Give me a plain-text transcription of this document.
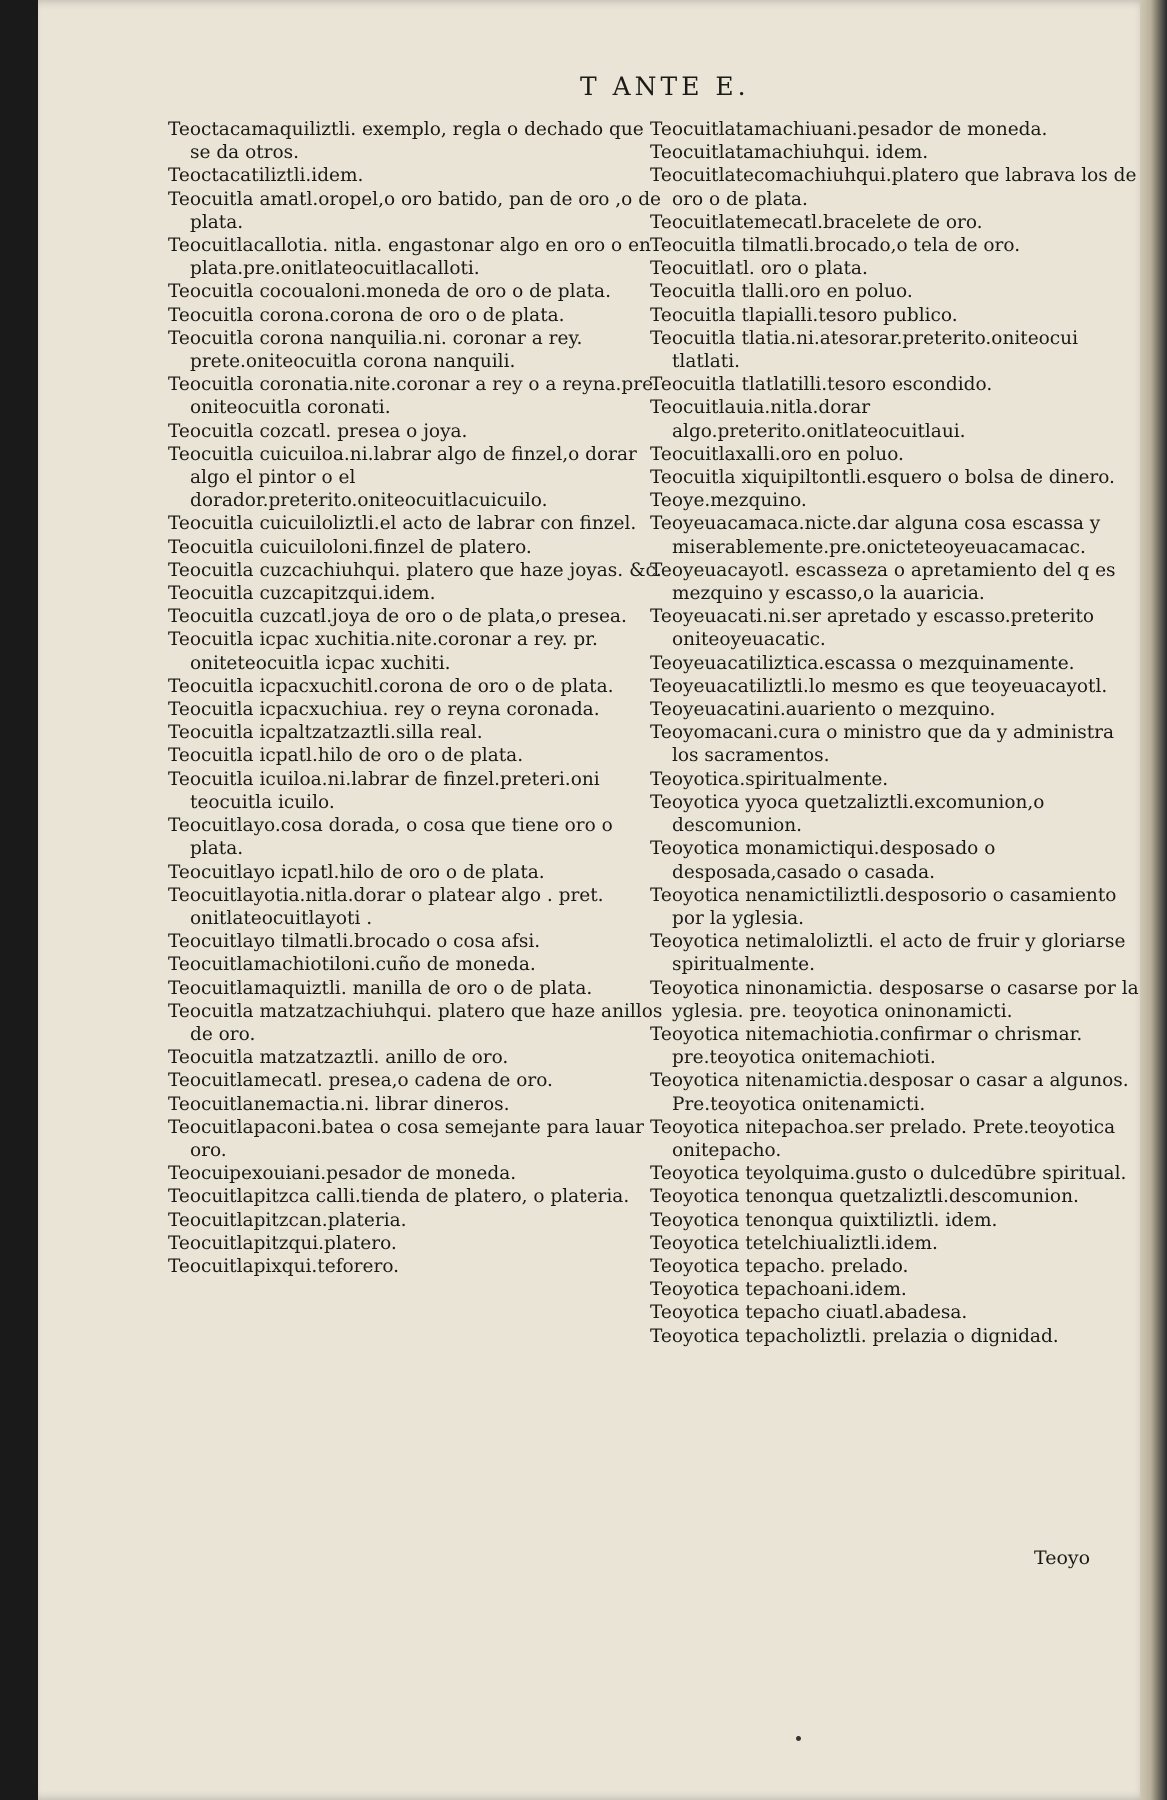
T ANTE E.

Teoctacamaquiliztli. exemplo, regla o dechado que se da otros.

Teoctacatiliztli.idem.

Teocuitla amatl.oropel,o oro batido, pan de oro ,o de plata.

Teocuitlacallotia. nitla. engastonar algo en oro o en plata.pre.onitlateocuitlacalloti.

Teocuitla cocoualoni.moneda de oro o de plata.

Teocuitla corona.corona de oro o de plata.

Teocuitla corona nanquilia.ni. coronar a rey. prete.oniteocuitla corona nanquili.

Teocuitla coronatia.nite.coronar a rey o a reyna.pre. oniteocuitla coronati.

Teocuitla cozcatl. presea o joya.

Teocuitla cuicuiloa.ni.labrar algo de finzel,o dorar algo el pintor o el dorador.preterito.oniteocuitlacuicuilo.

Teocuitla cuicuiloliztli.el acto de labrar con finzel.

Teocuitla cuicuiloloni.finzel de platero.

Teocuitla cuzcachiuhqui. platero que haze joyas. &c.

Teocuitla cuzcapitzqui.idem.

Teocuitla cuzcatl.joya de oro o de plata,o presea.

Teocuitla icpac xuchitia.nite.coronar a rey. pr. oniteteocuitla icpac xuchiti.

Teocuitla icpacxuchitl.corona de oro o de plata.

Teocuitla icpacxuchiua. rey o reyna coronada.

Teocuitla icpaltzatzaztli.silla real.

Teocuitla icpatl.hilo de oro o de plata.

Teocuitla icuiloa.ni.labrar de finzel.preteri.oni teocuitla icuilo.

Teocuitlayo.cosa dorada, o cosa que tiene oro o plata.

Teocuitlayo icpatl.hilo de oro o de plata.

Teocuitlayotia.nitla.dorar o platear algo . pret. onitlateocuitlayoti .

Teocuitlayo tilmatli.brocado o cosa afsi.

Teocuitlamachiotiloni.cuño de moneda.

Teocuitlamaquiztli. manilla de oro o de plata.

Teocuitla matzatzachiuhqui. platero que haze anillos de oro.

Teocuitla matzatzaztli. anillo de oro.

Teocuitlamecatl. presea,o cadena de oro.

Teocuitlanemactia.ni. librar dineros.

Teocuitlapaconi.batea o cosa semejante para lauar oro.

Teocuipexouiani.pesador de moneda.

Teocuitlapitzca calli.tienda de platero, o plateria.

Teocuitlapitzcan.plateria.

Teocuitlapitzqui.platero.

Teocuitlapixqui.teforero.

Teocuitlatamachiuani.pesador de moneda.

Teocuitlatamachiuhqui. idem.

Teocuitlatecomachiuhqui.platero que labrava los de oro o de plata.

Teocuitlatemecatl.bracelete de oro.

Teocuitla tilmatli.brocado,o tela de oro.

Teocuitlatl. oro o plata.

Teocuitla tlalli.oro en poluo.

Teocuitla tlapialli.tesoro publico.

Teocuitla tlatia.ni.atesorar.preterito.oniteocui tlatlati.

Teocuitla tlatlatilli.tesoro escondido.

Teocuitlauia.nitla.dorar algo.preterito.onitlateocuitlaui.

Teocuitlaxalli.oro en poluo.

Teocuitla xiquipiltontli.esquero o bolsa de dinero.

Teoye.mezquino.

Teoyeuacamaca.nicte.dar alguna cosa escassa y miserablemente.pre.onicteteoyeuacamacac.

Teoyeuacayotl. escasseza o apretamiento del q es mezquino y escasso,o la auaricia.

Teoyeuacati.ni.ser apretado y escasso.preterito oniteoyeuacatic.

Teoyeuacatiliztica.escassa o mezquinamente.

Teoyeuacatiliztli.lo mesmo es que teoyeuacayotl.

Teoyeuacatini.auariento o mezquino.

Teoyomacani.cura o ministro que da y administra los sacramentos.

Teoyotica.spiritualmente.

Teoyotica yyoca quetzaliztli.excomunion,o descomunion.

Teoyotica monamictiqui.desposado o desposada,casado o casada.

Teoyotica nenamictiliztli.desposorio o casamiento por la yglesia.

Teoyotica netimaloliztli. el acto de fruir y gloriarse spiritualmente.

Teoyotica ninonamictia. desposarse o casarse por la yglesia. pre. teoyotica oninonamicti.

Teoyotica nitemachiotia.confirmar o chrismar. pre.teoyotica onitemachioti.

Teoyotica nitenamictia.desposar o casar a algunos. Pre.teoyotica onitenamicti.

Teoyotica nitepachoa.ser prelado. Prete.teoyotica onitepacho.

Teoyotica teyolquima.gusto o dulcedūbre spiritual.

Teoyotica tenonqua quetzaliztli.descomunion.

Teoyotica tenonqua quixtiliztli. idem.

Teoyotica tetelchiualiztli.idem.

Teoyotica tepacho. prelado.

Teoyotica tepachoani.idem.

Teoyotica tepacho ciuatl.abadesa.

Teoyotica tepacholiztli. prelazia o dignidad.

Teoyo
